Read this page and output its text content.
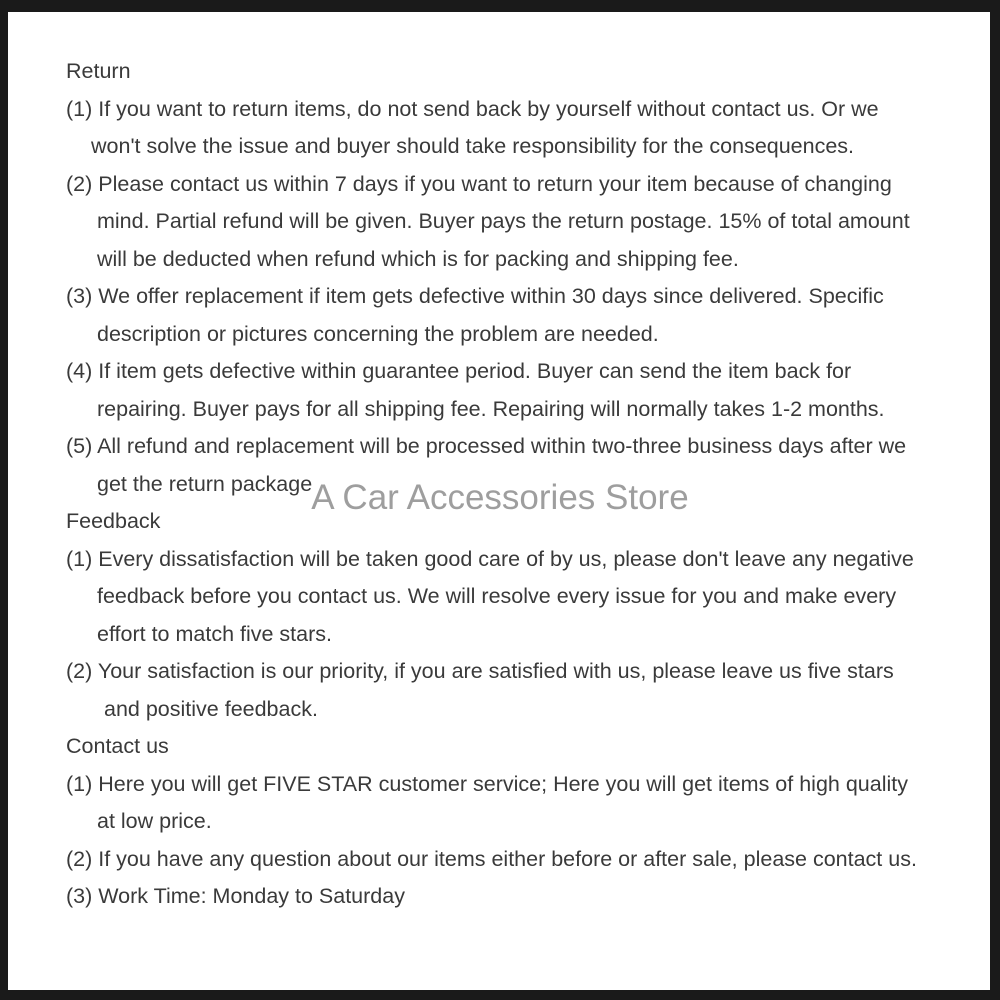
Return
(1) If you want to return items, do not send back by yourself without contact us. Or we
won't solve the issue and buyer should take responsibility for the consequences.
(2) Please contact us within 7 days if you want to return your item because of changing
mind. Partial refund will be given. Buyer pays the return postage. 15% of total amount
will be deducted when refund which is for packing and shipping fee.
(3) We offer replacement if item gets defective within 30 days since delivered. Specific
description or pictures concerning the problem are needed.
(4) If item gets defective within guarantee period. Buyer can send the item back for
repairing. Buyer pays for all shipping fee. Repairing will normally takes 1-2 months.
(5) All refund and replacement will be processed within two-three business days after we
get the return package
Feedback
(1) Every dissatisfaction will be taken good care of by us, please don't leave any negative
feedback before you contact us. We will resolve every issue for you and make every
effort to match five stars.
(2) Your satisfaction is our priority, if you are satisfied with us, please leave us five stars
and positive feedback.
Contact us
(1) Here you will get FIVE STAR customer service; Here you will get items of high quality
at low price.
(2) If you have any question about our items either before or after sale, please contact us.
(3) Work Time: Monday to Saturday
A Car Accessories Store
